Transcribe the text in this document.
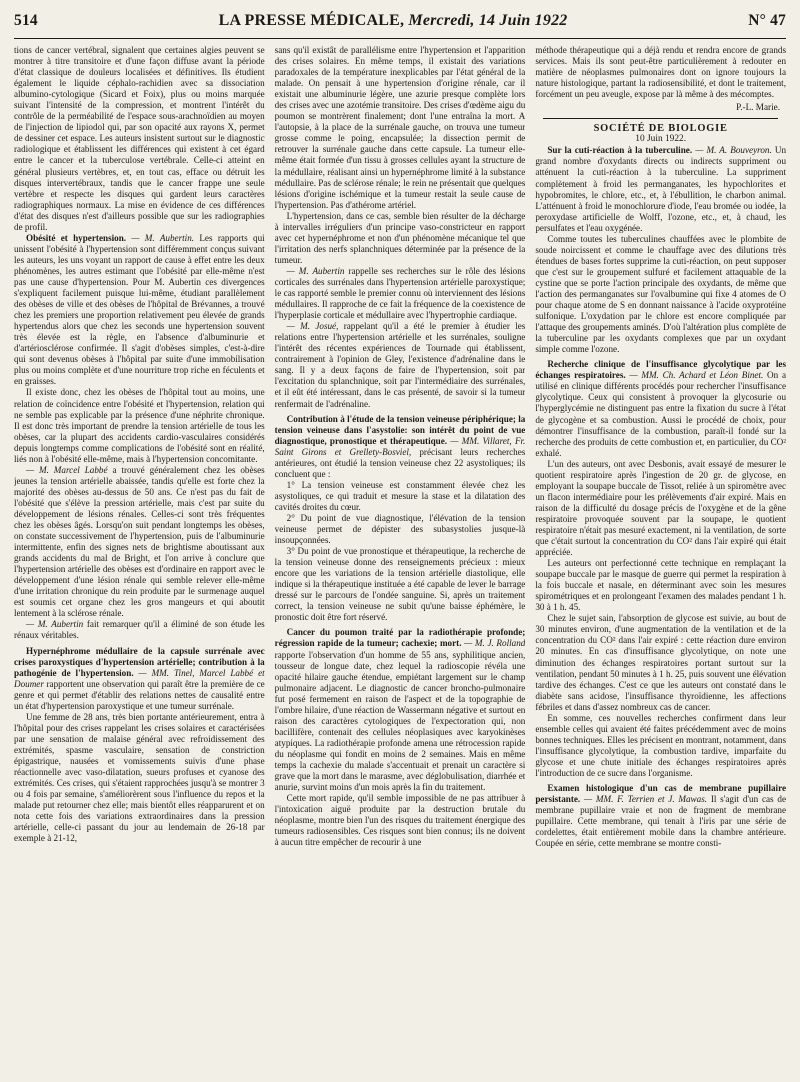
514	LA PRESSE MÉDICALE, Mercredi, 14 Juin 1922	N° 47

tions de cancer vertébral, signalent que certaines algies peuvent se montrer à titre transitoire et d'une façon diffuse avant la période d'état classique de douleurs localisées et définitives. Ils étudient également le liquide céphalo-rachidien avec sa dissociation albumino-cytologique (Sicard et Foix), plus ou moins marquée suivant l'intensité de la compression, et montrent l'intérêt du contrôle de la perméabilité de l'espace sous-arachnoïdien au moyen de l'injection de lipiodol qui, par son opacité aux rayons X, permet de dessiner cet espace. Les auteurs insistent surtout sur le diagnostic radiologique et établissent les différences qui existent à cet égard entre le cancer et la tuberculose vertébrale. Celle-ci atteint en général plusieurs vertèbres, et, en tout cas, efface ou détruit les disques intervertébraux, tandis que le cancer frappe une seule vertèbre et respecte les disques qui gardent leurs caractères radiographiques normaux. La mise en évidence de ces différences d'état des disques n'est d'ailleurs possible que sur les radiographies de profil.

Obésité et hypertension. — M. Aubertin. Les rapports qui unissent l'obésité à l'hypertension sont différemment conçus suivant les auteurs, les uns voyant un rapport de cause à effet entre les deux phénomènes, les autres estimant que l'obésité par elle-même n'est pas une cause d'hypertension. Pour M. Aubertin ces divergences s'expliquent facilement puisque lui-même, étudiant parallèlement des obèses de ville et des obèses de l'hôpital de Brévannes, a trouvé chez les premiers une proportion relativement peu élevée de grands hypertendus alors que chez les seconds une hypertension souvent très élevée est la règle, en l'absence d'albuminurie et d'artériosclérose confirmée. Il s'agit d'obèses simples, c'est-à-dire qui sont devenus obèses à l'hôpital par suite d'une immobilisation plus ou moins complète et d'une nourriture trop riche en féculents et en graisses.

Il existe donc, chez les obèses de l'hôpital tout au moins, une relation de coïncidence entre l'obésité et l'hypertension, relation qui ne semble pas explicable par la présence d'une néphrite chronique. Il est donc très important de prendre la tension artérielle de tous les obèses, car la plupart des accidents cardio-vasculaires considérés depuis longtemps comme complications de l'obésité sont en réalité, liés non à l'obésité elle-même, mais à l'hypertension concomitante.

— M. Marcel Labbé a trouvé généralement chez les obèses jeunes la tension artérielle abaissée, tandis qu'elle est forte chez la majorité des obèses au-dessus de 50 ans. Ce n'est pas du fait de l'obésité que s'élève la pression artérielle, mais c'est par suite du développement de lésions rénales. Celles-ci sont très fréquentes chez les obèses âgés. Lorsqu'on suit pendant longtemps les obèses, on constate successivement de l'hypertension, puis de l'albuminurie intermittente, enfin des signes nets de brightisme aboutissant aux grands accidents du mal de Bright, et l'on arrive à conclure que l'hypertension artérielle des obèses est d'ordinaire en rapport avec le développement d'une lésion rénale qui semble relever elle-même d'une irritation chronique du rein produite par le surmenage auquel est soumis cet organe chez les gros mangeurs et qui aboutit lentement à la sclérose rénale.

— M. Aubertin fait remarquer qu'il a éliminé de son étude les rénaux véritables.

Hypernéphrome médullaire de la capsule surrénale avec crises paroxystiques d'hypertension artérielle; contribution à la pathogénie de l'hypertension. — MM. Tinel, Marcel Labbé et Doumer rapportent une observation qui paraît être la première de ce genre et qui permet d'établir des relations nettes de causalité entre un état d'hypertension paroxystique et une tumeur surrénale.

Une femme de 28 ans, très bien portante antérieurement, entra à l'hôpital pour des crises rappelant les crises solaires et caractérisées par une sensation de malaise général avec refroidissement des extrémités, spasme vasculaire, sensation de constriction épigastrique, nausées et vomissements suivis d'une phase réactionnelle avec vaso-dilatation, sueurs profuses et cyanose des extrémités. Ces crises, qui s'étaient rapprochées jusqu'à se montrer 3 ou 4 fois par semaine, s'améliorèrent sous l'influence du repos et la malade put retourner chez elle; mais bientôt elles réapparurent et on nota cette fois des variations extraordinaires dans la pression artérielle, celle-ci passant du jour au lendemain de 26-18 par exemple à 21-12,

sans qu'il existât de parallélisme entre l'hypertension et l'apparition des crises solaires. En même temps, il existait des variations paradoxales de la température inexplicables par l'état général de la malade. On pensait à une hypertension d'origine rénale, car il existait une albuminurie légère, une azurie presque complète lors des crises avec une azotémie transitoire. Des crises d'œdème aigu du poumon se montrèrent finalement; dont l'une entraîna la mort. A l'autopsie, à la place de la surrénale gauche, on trouva une tumeur grosse comme le poing, encapsulée; la dissection permit de retrouver la surrénale gauche dans cette capsule. La tumeur elle-même était formée d'un tissu à grosses cellules ayant la structure de la médullaire, réalisant ainsi un hypernéphrome limité à la substance médullaire. Pas de sclérose rénale; le rein ne présentait que quelques lésions d'origine ischémique et la tumeur restait la seule cause de l'hypertension. Pas d'athérome artériel.

L'hypertension, dans ce cas, semble bien résulter de la décharge à intervalles irréguliers d'un principe vaso-constricteur en rapport avec cet hypernéphrome et non d'un phénomène mécanique tel que l'irritation des nerfs splanchniques déterminée par la présence de la tumeur.

— M. Aubertin rappelle ses recherches sur le rôle des lésions corticales des surrénales dans l'hypertension artérielle paroxystique; le cas rapporté semble le premier connu où interviennent des lésions médullaires. Il rapproche de ce fait la fréquence de la coexistence de l'hyperplasie corticale et médullaire avec l'hypertrophie cardiaque.

— M. Josué, rappelant qu'il a été le premier à étudier les relations entre l'hypertension artérielle et les surrénales, souligne l'intérêt des récentes expériences de Tournade qui établissent, contrairement à l'opinion de Gley, l'existence d'adrénaline dans le sang. Il y a deux façons de faire de l'hypertension, soit par l'excitation du splanchnique, soit par l'intermédiaire des surrénales, et il eût été intéressant, dans le cas présenté, de savoir si la tumeur renfermait de l'adrénaline.

Contribution à l'étude de la tension veineuse périphérique; la tension veineuse dans l'asystolie: son intérêt du point de vue diagnostique, pronostique et thérapeutique. — MM. Villaret, Fr. Saint Girons et Grellety-Bosviel, précisant leurs recherches antérieures, ont étudié la tension veineuse chez 22 asystoliques; ils concluent que :

1° La tension veineuse est constamment élevée chez les asystoliques, ce qui traduit et mesure la stase et la dilatation des cavités droites du cœur.

2° Du point de vue diagnostique, l'élévation de la tension veineuse permet de dépister des subasystolies jusque-là insoupçonnées.

3° Du point de vue pronostique et thérapeutique, la recherche de la tension veineuse donne des renseignements précieux : mieux encore que les variations de la tension artérielle diastolique, elle indique si la thérapeutique instituée a été capable de lever le barrage dressé sur le parcours de l'ondée sanguine. Si, après un traitement correct, la tension veineuse ne subit qu'une baisse éphémère, le pronostic doit être fort réservé.

Cancer du poumon traité par la radiothérapie profonde; régression rapide de la tumeur; cachexie; mort. — M. J. Rolland rapporte l'observation d'un homme de 55 ans, syphilitique ancien, tousseur de longue date, chez lequel la radioscopie révéla une opacité hilaire gauche étendue, empiétant largement sur le champ pulmonaire adjacent. Le diagnostic de cancer broncho-pulmonaire fut posé fermement en raison de l'aspect et de la topographie de l'ombre hilaire, d'une réaction de Wassermann négative et surtout en raison des caractères cytologiques de l'expectoration qui, non bacillifère, contenait des cellules néoplasiques avec karyokinèses atypiques. La radiothérapie profonde amena une rétrocession rapide du néoplasme qui fondit en moins de 2 semaines. Mais en même temps la cachexie du malade s'accentuait et prenait un caractère si grave que la mort dans le marasme, avec déglobulisation, diarrhée et anurie, survint moins d'un mois après la fin du traitement.

Cette mort rapide, qu'il semble impossible de ne pas attribuer à l'intoxication aiguë produite par la destruction brutale du néoplasme, montre bien l'un des risques du traitement énergique des tumeurs radiosensibles. Ces risques sont bien connus; ils ne doivent à aucun titre empêcher de recourir à une

méthode thérapeutique qui a déjà rendu et rendra encore de grands services. Mais ils sont peut-être particulièrement à redouter en matière de néoplasmes pulmonaires dont on ignore toujours la nature histologique, partant la radiosensibilité, et dont le traitement, forcément un peu aveugle, expose par là même à des mécomptes.

P.-L. Marie.

SOCIÉTÉ DE BIOLOGIE

10 Juin 1922.

Sur la cuti-réaction à la tuberculine. — M. A. Bouveyron. Un grand nombre d'oxydants directs ou indirects suppriment ou atténuent la cuti-réaction à la tuberculine. La suppriment complètement à froid les permanganates, les hypochlorites et hypobromites, le chlore, etc., et, à l'ébullition, le charbon animal. L'atténuent à froid le monochlorure d'iode, l'eau bromée ou iodée, la peroxydase artificielle de Wolff, l'ozone, etc., et, à chaud, les persulfates et l'eau oxygénée.

Comme toutes les tuberculines chauffées avec le plombite de soude noircissent et comme le chauffage avec des dilutions très étendues de bases fortes supprime la cuti-réaction, on peut supposer que c'est sur le groupement sulfuré et facilement attaquable de la cystine que se porte l'action principale des oxydants, de même que l'action des permanganates sur l'ovalbumine qui fixe 4 atomes de O pour chaque atome de S en donnant naissance à l'acide oxyprotéine sulfonique. L'oxydation par le chlore est encore compliquée par l'attaque des groupements aminés. D'où l'altération plus complète de la tuberculine par les oxydants complexes que par un oxydant simple comme l'ozone.

Recherche clinique de l'insuffisance glycolytique par les échanges respiratoires. — MM. Ch. Achard et Léon Binet. On a utilisé en clinique différents procédés pour rechercher l'insuffisance glycolytique. Ceux qui consistent à provoquer la glycosurie ou l'hyperglycémie ne distinguent pas entre la fixation du sucre à l'état de glycogène et sa combustion. Aussi le procédé de choix, pour démontrer l'insuffisance de la combustion, paraît-il fondé sur la recherche des produits de cette combustion et, en particulier, du CO² exhalé.

L'un des auteurs, ont avec Desbonis, avait essayé de mesurer le quotient respiratoire après l'ingestion de 20 gr. de glycose, en employant la soupape buccale de Tissot, reliée à un spiromètre avec un flacon intermédiaire pour les prélèvements d'air expiré. Mais en raison de la difficulté du dosage précis de l'oxygène et de la gêne respiratoire provoquée souvent par la soupape, le quotient respiratoire n'était pas mesuré exactement, ni la ventilation, de sorte que c'était surtout la concentration du CO² dans l'air expiré qui était appréciée.

Les auteurs ont perfectionné cette technique en remplaçant la soupape buccale par le masque de guerre qui permet la respiration à la fois buccale et nasale, en déterminant avec soin les mesures spirométriques et en prolongeant l'examen des malades pendant 1 h. 30 à 1 h. 45.

Chez le sujet sain, l'absorption de glycose est suivie, au bout de 30 minutes environ, d'une augmentation de la ventilation et de la concentration du CO² dans l'air expiré : cette réaction dure environ 20 minutes. En cas d'insuffisance glycolytique, on note une diminution des échanges respiratoires portant surtout sur la ventilation, pendant 50 minutes à 1 h. 25, puis souvent une élévation tardive des échanges. C'est ce que les auteurs ont constaté dans le diabète sans acidose, l'insuffisance thyroïdienne, les affections fébriles et dans d'assez nombreux cas de cancer.

En somme, ces nouvelles recherches confirment dans leur ensemble celles qui avaient été faites précédemment avec de moins bonnes techniques. Elles les précisent en montrant, notamment, dans l'insuffisance glycolytique, la combustion tardive, imparfaite du glycose et une chute initiale des échanges respiratoires après l'introduction de ce sucre dans l'organisme.

Examen histologique d'un cas de membrane pupillaire persistante. — MM. F. Terrien et J. Mawas. Il s'agit d'un cas de membrane pupillaire vraie et non de fragment de membrane pupillaire. Cette membrane, qui tenait à l'iris par une série de cordelettes, était entièrement mobile dans la chambre antérieure. Coupée en série, cette membrane se montre consti-
